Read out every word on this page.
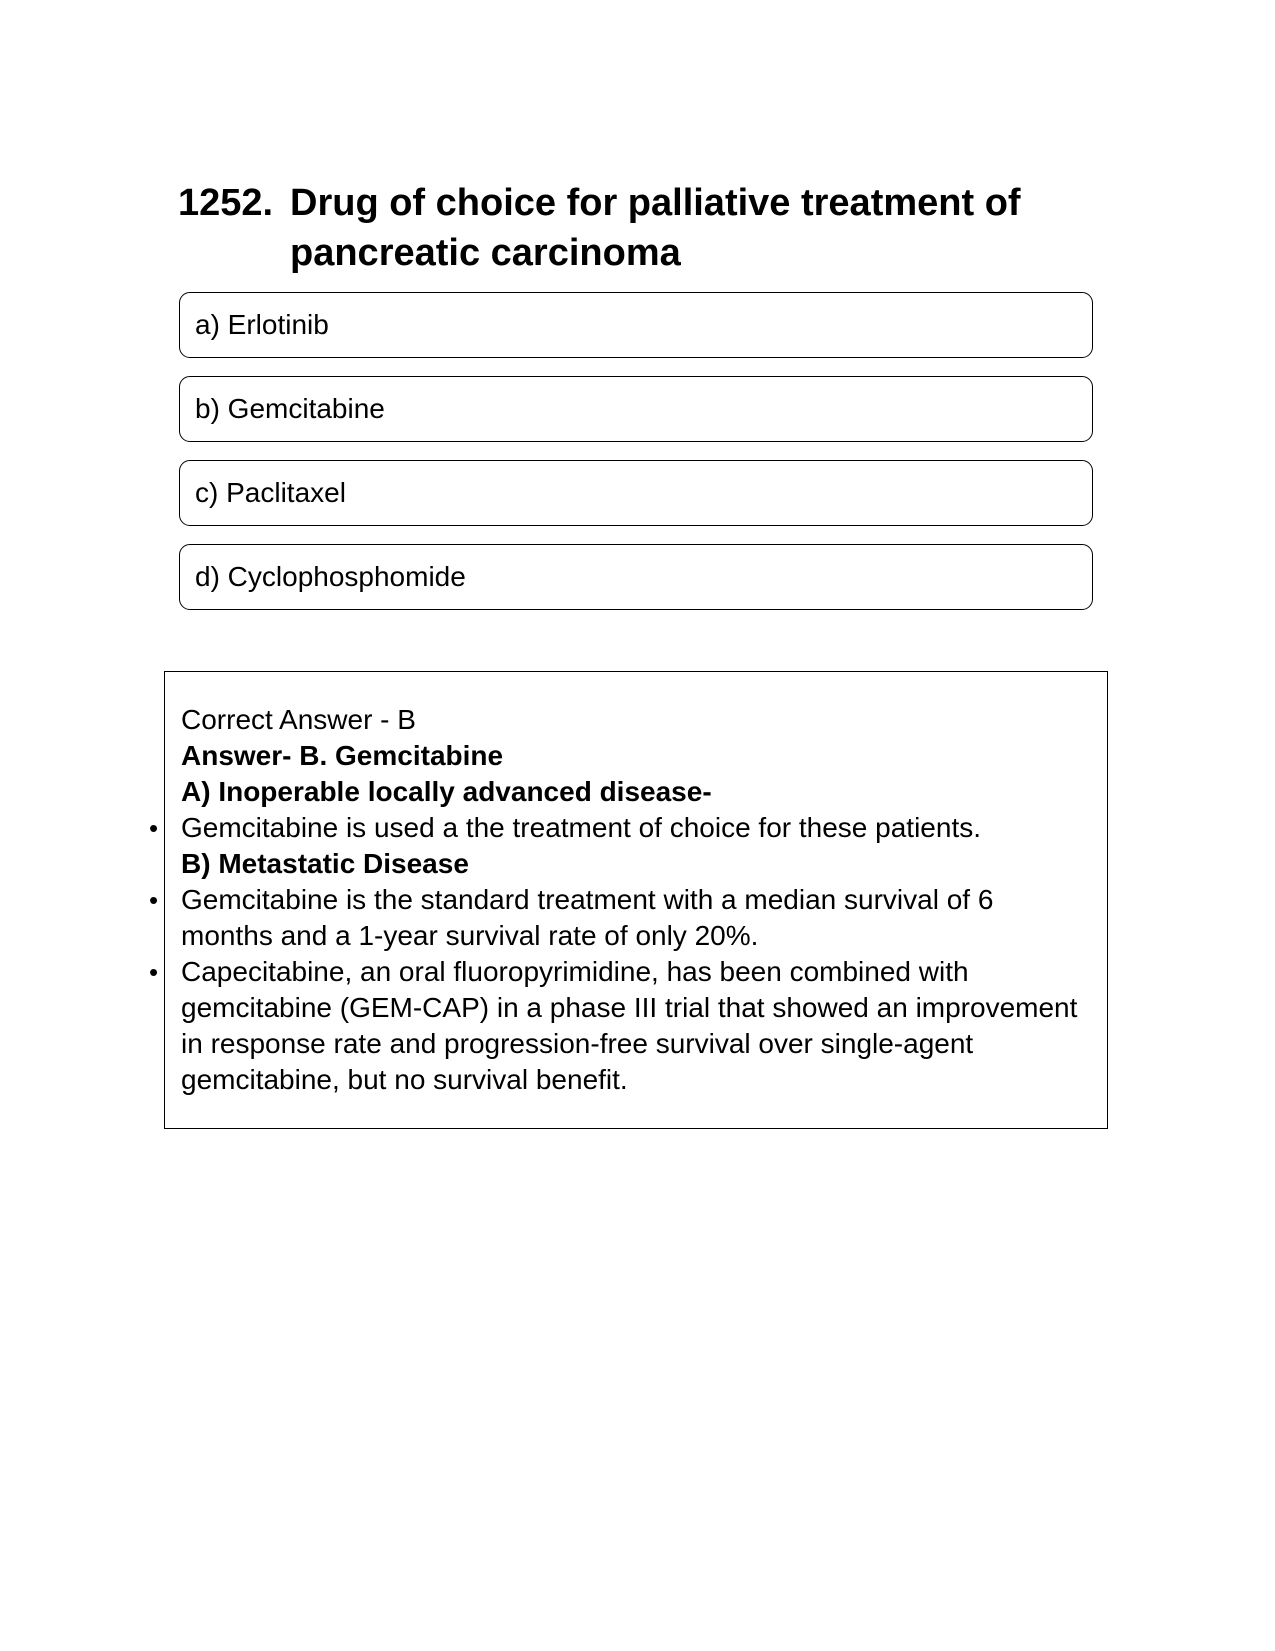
1252. Drug of choice for palliative treatment of pancreatic carcinoma
a) Erlotinib
b) Gemcitabine
c) Paclitaxel
d) Cyclophosphomide
Correct Answer - B
Answer- B. Gemcitabine
A) Inoperable locally advanced disease-
• Gemcitabine is used a the treatment of choice for these patients.
B) Metastatic Disease
• Gemcitabine is the standard treatment with a median survival of 6 months and a 1-year survival rate of only 20%.
• Capecitabine, an oral fluoropyrimidine, has been combined with gemcitabine (GEM-CAP) in a phase III trial that showed an improvement in response rate and progression-free survival over single-agent gemcitabine, but no survival benefit.
